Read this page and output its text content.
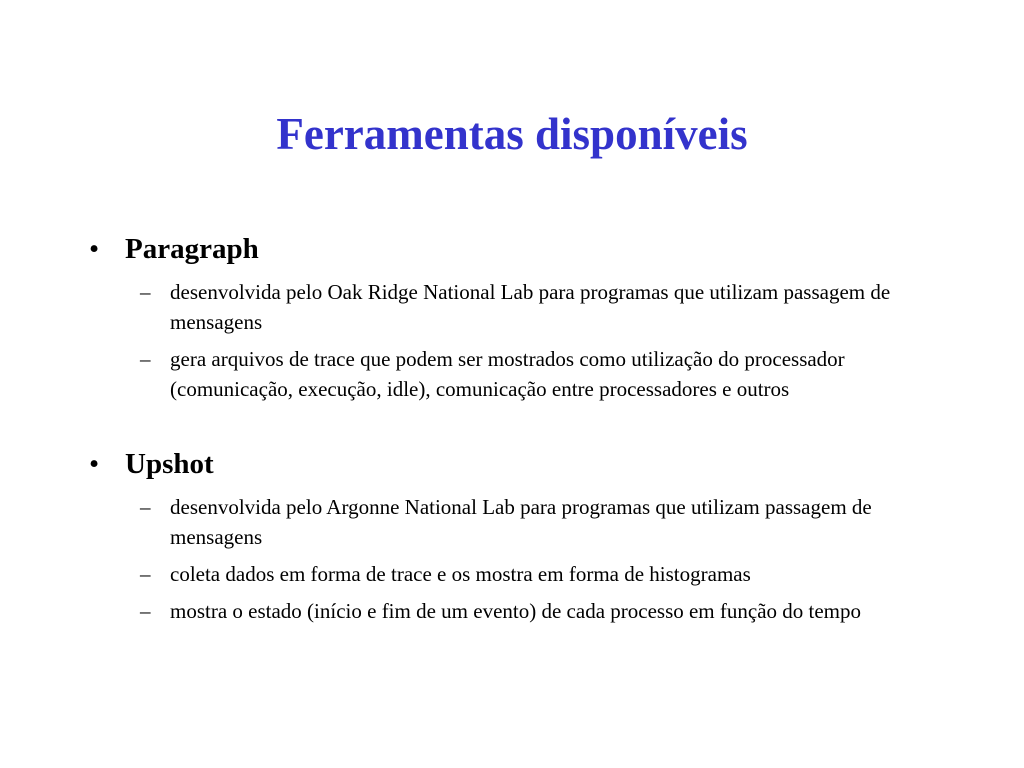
Ferramentas disponíveis
• Paragraph
– desenvolvida pelo Oak Ridge National Lab para programas que utilizam passagem de mensagens
– gera arquivos de trace que podem ser mostrados como utilização do processador (comunicação, execução, idle), comunicação entre processadores e outros
• Upshot
– desenvolvida pelo Argonne National Lab para programas que utilizam passagem de mensagens
– coleta dados em forma de trace e os mostra em forma de histogramas
– mostra o estado (início e fim de um evento) de cada processo em função do tempo
